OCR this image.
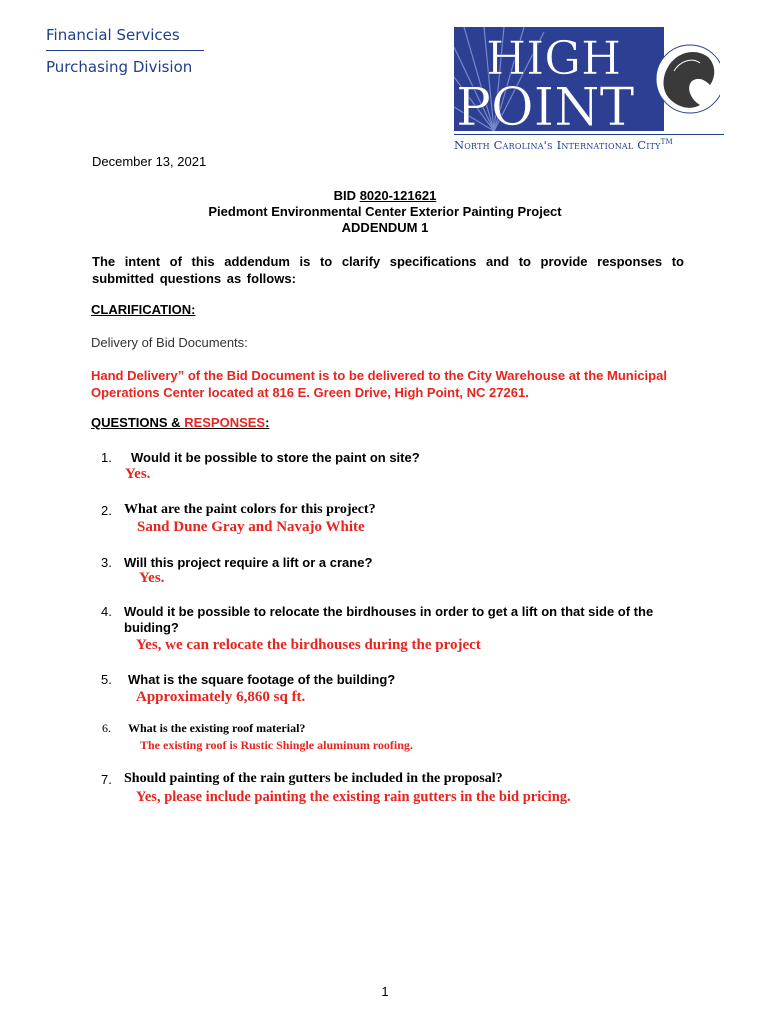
Financial Services
Purchasing Division	HIGH
POINT
North Carolina's International City™
December 13, 2021
BID 8020-121621
Piedmont Environmental Center Exterior Painting Project
ADDENDUM 1
The intent of this addendum is to clarify specifications and to provide responses to submitted questions as follows:
CLARIFICATION:
Delivery of Bid Documents:
Hand Delivery” of the Bid Document is to be delivered to the City Warehouse at the Municipal Operations Center located at 816 E. Green Drive, High Point, NC 27261.
QUESTIONS & RESPONSES:
1. Would it be possible to store the paint on site?
Yes.
2. What are the paint colors for this project?
Sand Dune Gray and Navajo White
3. Will this project require a lift or a crane?
Yes.
4. Would it be possible to relocate the birdhouses in order to get a lift on that side of the buiding?
Yes, we can relocate the birdhouses during the project
5. What is the square footage of the building?
Approximately 6,860 sq ft.
6. What is the existing roof material?
The existing roof is Rustic Shingle aluminum roofing.
7. Should painting of the rain gutters be included in the proposal?
Yes, please include painting the existing rain gutters in the bid pricing.
1
